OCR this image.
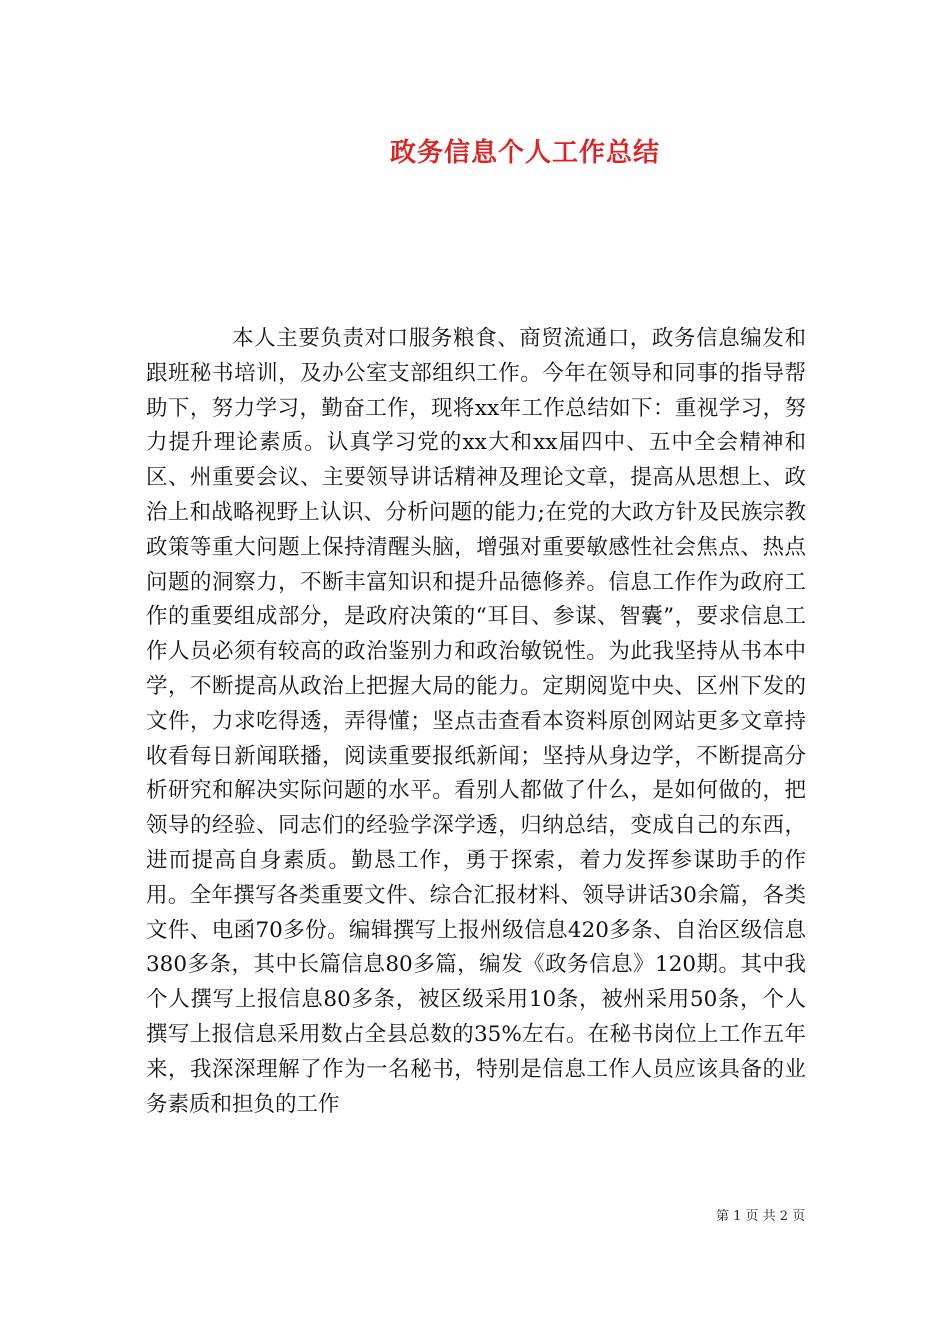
政务信息个人工作总结

本人主要负责对口服务粮食、商贸流通口，政务信息编发和跟班秘书培训，及办公室支部组织工作。今年在领导和同事的指导帮助下，努力学习，勤奋工作，现将xx年工作总结如下：重视学习，努力提升理论素质。认真学习党的xx大和xx届四中、五中全会精神和区、州重要会议、主要领导讲话精神及理论文章，提高从思想上、政治上和战略视野上认识、分析问题的能力;在党的大政方针及民族宗教政策等重大问题上保持清醒头脑，增强对重要敏感性社会焦点、热点问题的洞察力，不断丰富知识和提升品德修养。信息工作作为政府工作的重要组成部分，是政府决策的“耳目、参谋、智囊”，要求信息工作人员必须有较高的政治鉴别力和政治敏锐性。为此我坚持从书本中学，不断提高从政治上把握大局的能力。定期阅览中央、区州下发的文件，力求吃得透，弄得懂；坚点击查看本资料原创网站更多文章持收看每日新闻联播，阅读重要报纸新闻；坚持从身边学，不断提高分析研究和解决实际问题的水平。看别人都做了什么，是如何做的，把领导的经验、同志们的经验学深学透，归纳总结，变成自己的东西，进而提高自身素质。勤恳工作，勇于探索，着力发挥参谋助手的作用。全年撰写各类重要文件、综合汇报材料、领导讲话30余篇，各类文件、电函70多份。编辑撰写上报州级信息420多条、自治区级信息380多条，其中长篇信息80多篇，编发《政务信息》120期。其中我个人撰写上报信息80多条，被区级采用10条，被州采用50条，个人撰写上报信息采用数占全县总数的35%左右。在秘书岗位上工作五年来，我深深理解了作为一名秘书，特别是信息工作人员应该具备的业务素质和担负的工作

第 1 页 共 2 页
